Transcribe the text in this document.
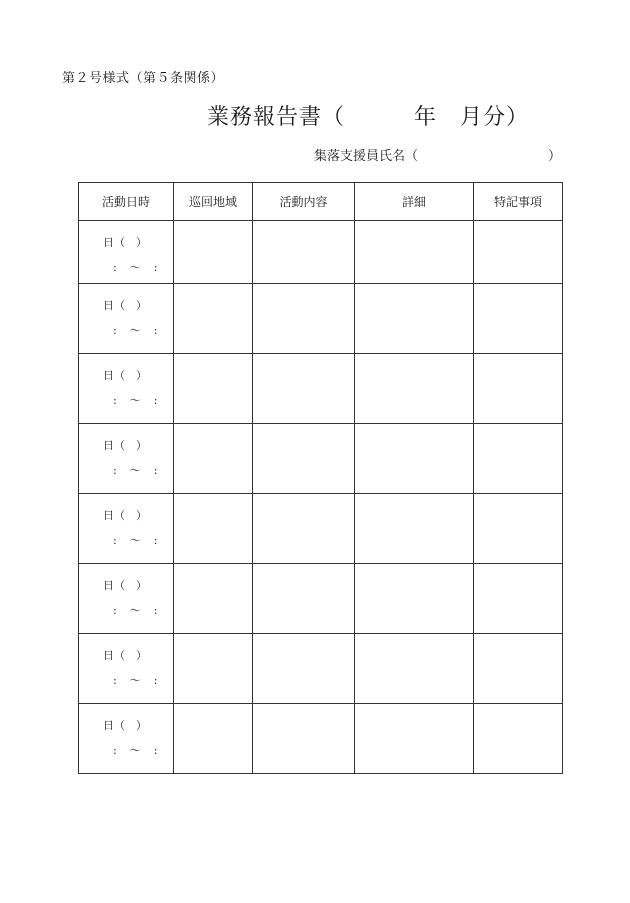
第２号様式（第５条関係）
業務報告書（　　　年　月分）
集落支援員氏名（　　　　　　　　　　）
活動日時	巡回地域	活動内容	詳細	特記事項

日（　）
:　～　:				

日（　）
:　～　:				

日（　）
:　～　:				

日（　）
:　～　:				

日（　）
:　～　:				

日（　）
:　～　:				

日（　）
:　～　:				

日（　）
:　～　:				
